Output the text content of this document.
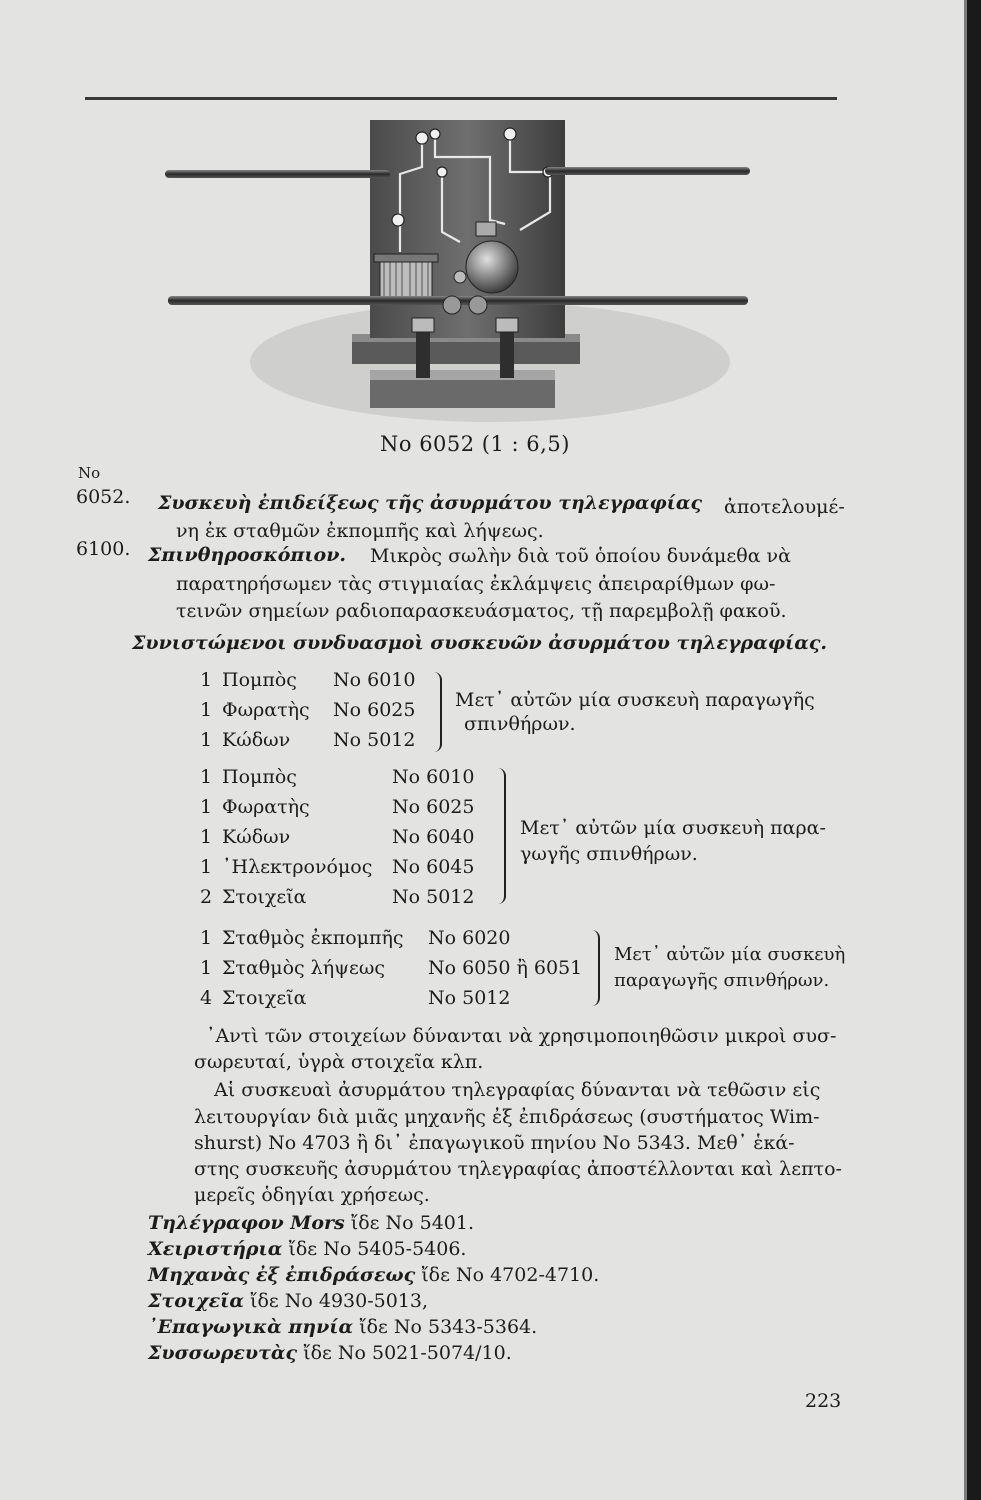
No 6052 (1 : 6,5)
No
6052. Συσκευὴ ἐπιδείξεως τῆς ἀσυρμάτου τηλεγραφίας ἀποτελουμέ-
νη ἐκ σταθμῶν ἐκπομπῆς καὶ λήψεως.
6100. Σπινθηροσκόπιον. Μικρὸς σωλὴν διὰ τοῦ ὁποίου δυνάμεθα νὰ
παρατηρήσωμεν τὰς στιγμιαίας ἐκλάμψεις ἀπειραρίθμων φω-
τεινῶν σημείων ραδιοπαρασκευάσματος, τῇ παρεμβολῇ φακοῦ.
Συνιστώμενοι συνδυασμοὶ συσκευῶν ἀσυρμάτου τηλεγραφίας.
1 Πομπὸς No 6010
1 Φωρατὴς No 6025
1 Κώδων No 5012
Μετ᾿ αὐτῶν μία συσκευὴ παραγωγῆς
σπινθήρων.
1 Πομπὸς	No 6010
1 Φωρατὴς	No 6025
1 Κώδων	No 6040
1 ᾿Ηλεκτρονόμος No 6045
2 Στοιχεῖα	No 5012
Μετ᾿ αὐτῶν μία συσκευὴ παρα-
γωγῆς σπινθήρων.
1 Σταθμὸς ἐκπομπῆς No 6020
1 Σταθμὸς λήψεως No 6050 ἢ 6051
4 Στοιχεῖα	No 5012
Μετ᾿ αὐτῶν μία συσκευὴ
παραγωγῆς σπινθήρων.
᾿Αντὶ τῶν στοιχείων δύνανται νὰ χρησιμοποιηθῶσιν μικροὶ συσ-
σωρευταί, ὑγρὰ στοιχεῖα κλπ.
Αἱ συσκευαὶ ἀσυρμάτου τηλεγραφίας δύνανται νὰ τεθῶσιν εἰς
λειτουργίαν διὰ μιᾶς μηχανῆς ἐξ ἐπιδράσεως (συστήματος Wim-
shurst) No 4703 ἢ δι᾿ ἐπαγωγικοῦ πηνίου No 5343. Μεθ᾿ ἑκά-
στης συσκευῆς ἀσυρμάτου τηλεγραφίας ἀποστέλλονται καὶ λεπτο-
μερεῖς ὁδηγίαι χρήσεως.
Τηλέγραφον Mors ἴδε No 5401.
Χειριστήρια ἴδε No 5405-5406.
Μηχανὰς ἐξ ἐπιδράσεως ἴδε No 4702-4710.
Στοιχεῖα ἴδε No 4930-5013,
᾿Επαγωγικὰ πηνία ἴδε No 5343-5364.
Συσσωρευτὰς ἴδε No 5021-5074/10.
223
